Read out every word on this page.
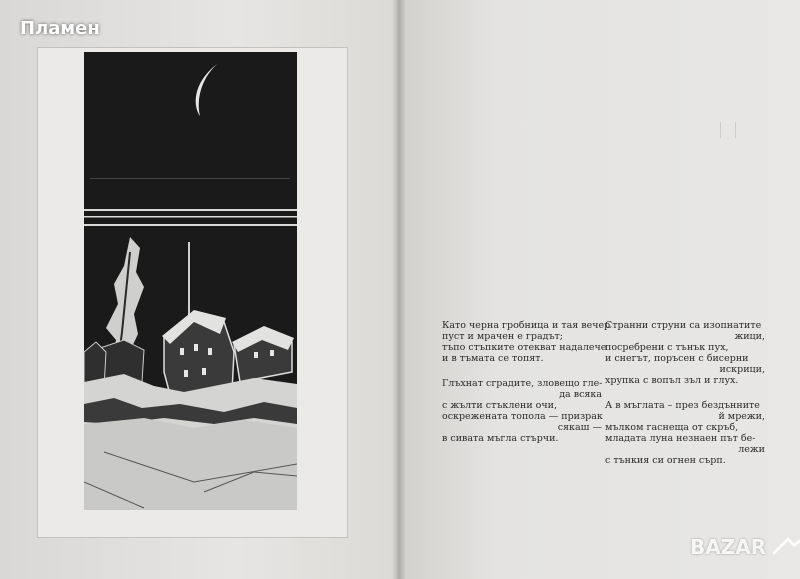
Пламен
Като черна гробница и тая вечер
пуст и мрачен е градът;
тъпо стъпките отекват надалече
и в тъмата се топят.
Глъхнат сградите, зловещо гле-
да всяка
с жълти стъклени очи,
оскрежената топола — призрак
сякаш —
в сивата мъгла стърчи.
Странни струни са изопнатите
жици,
посребрени с тънък пух,
и снегът, поръсен с бисерни
искрици,
хрупка с вопъл зъл и глух.
А в мъглата – през бездънните
й мрежи,
мълком гаснеща от скръб,
младата луна незнаен път бе-
лежи
с тънкия си огнен сърп.
BAZAR
